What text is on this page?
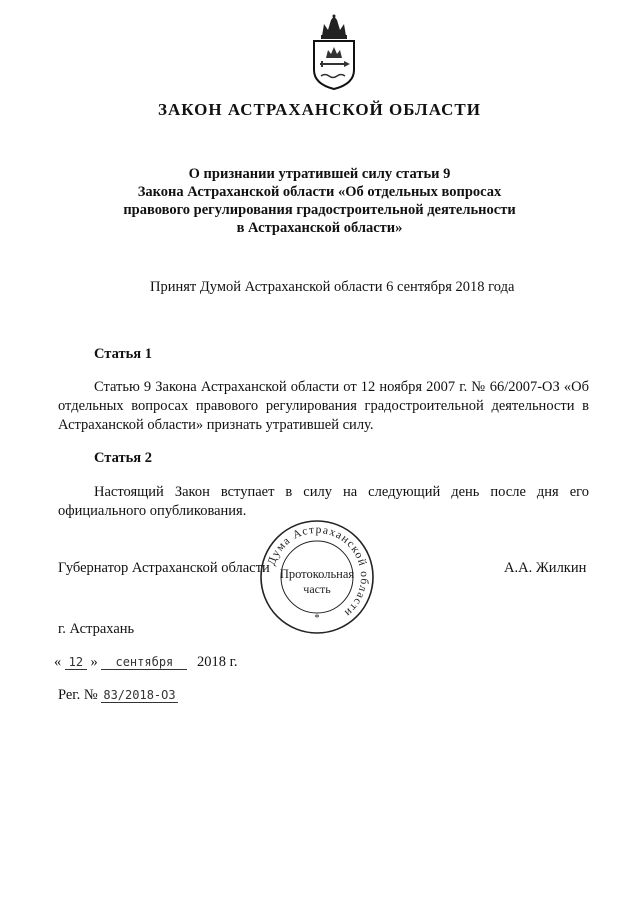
ЗАКОН АСТРАХАНСКОЙ ОБЛАСТИ
О признании утратившей силу статьи 9
Закона Астраханской области «Об отдельных вопросах
правового регулирования градостроительной деятельности
в Астраханской области»
Принят Думой Астраханской области 6 сентября 2018 года
Статья 1
Статью 9 Закона Астраханской области от 12 ноября 2007 г. № 66/2007-ОЗ «Об отдельных вопросах правового регулирования градостроительной деятельности в Астраханской области» признать утратившей силу.
Статья 2
Настоящий Закон вступает в силу на следующий день после дня его официального опубликования.
Губернатор Астраханской области	А.А. Жилкин
Дума Астраханской области
*
Протокольная
часть
г. Астрахань
« 12 » сентября 2018 г.
Рег. № 83/2018-ОЗ
